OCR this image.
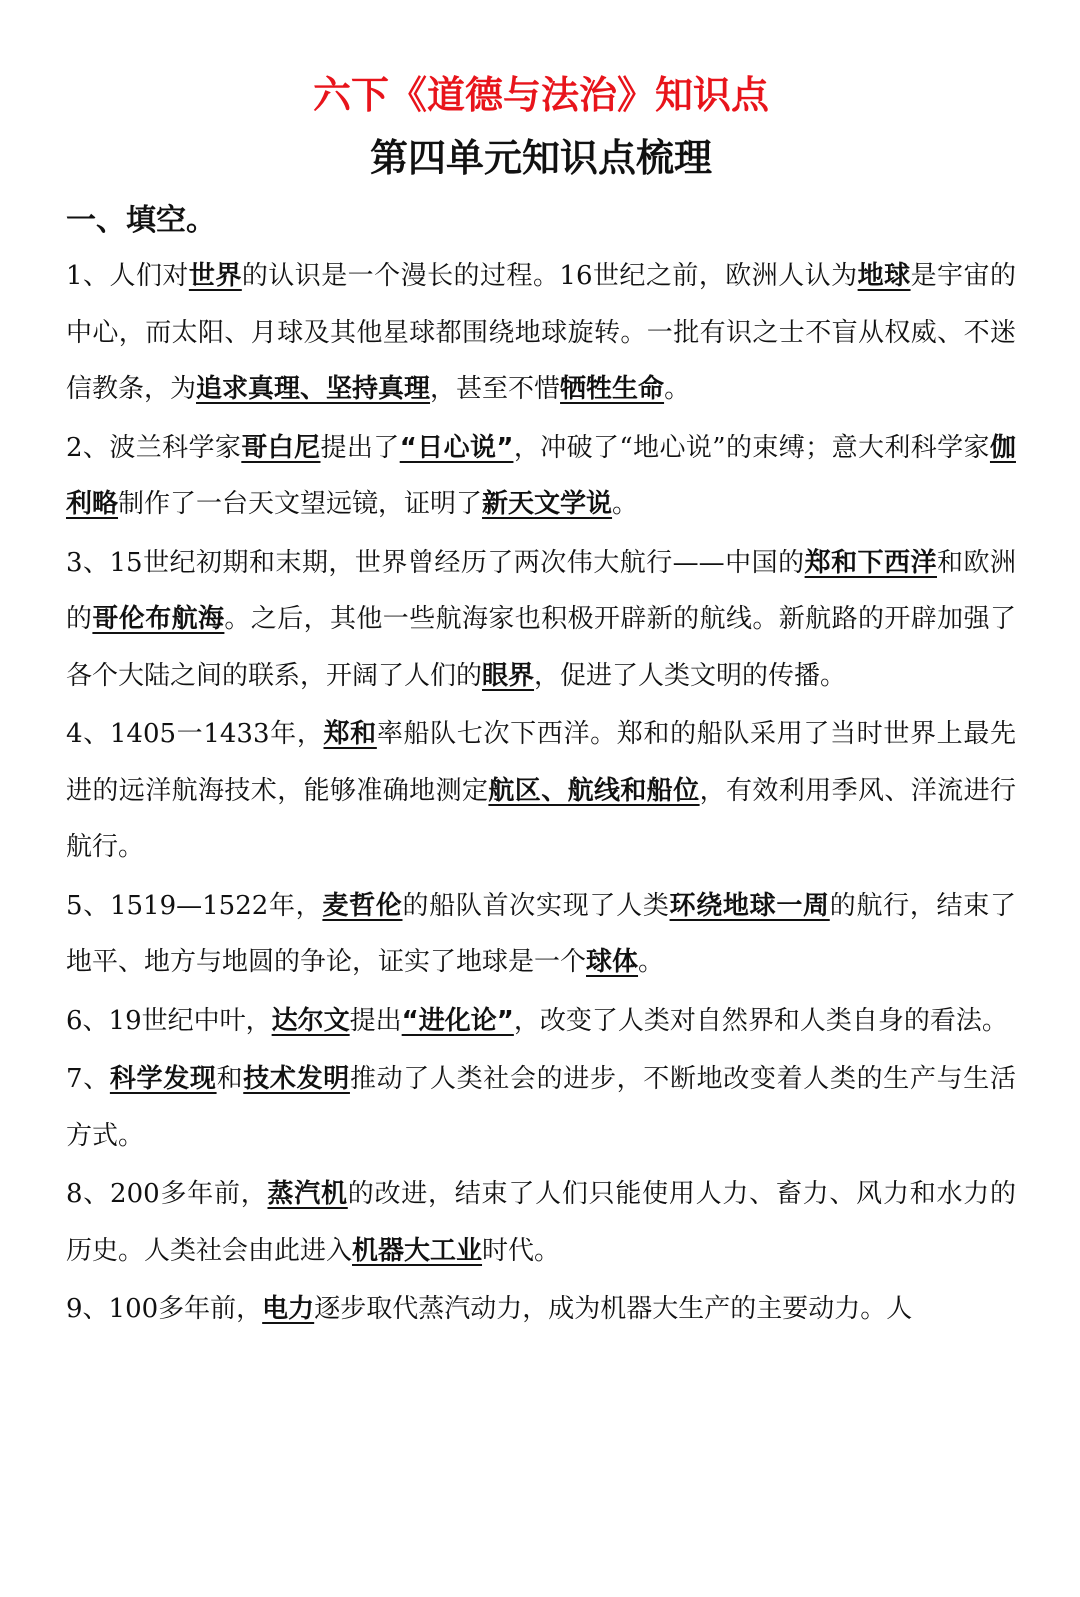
六下《道德与法治》知识点
第四单元知识点梳理
一、填空。

1、人们对世界的认识是一个漫长的过程。16世纪之前，欧洲人认为地球是宇宙的中心，而太阳、月球及其他星球都围绕地球旋转。一批有识之士不盲从权威、不迷信教条，为追求真理、坚持真理，甚至不惜牺牲生命。

2、波兰科学家哥白尼提出了“日心说”，冲破了“地心说”的束缚；意大利科学家伽利略制作了一台天文望远镜，证明了新天文学说。

3、15世纪初期和末期，世界曾经历了两次伟大航行——中国的郑和下西洋和欧洲的哥伦布航海。之后，其他一些航海家也积极开辟新的航线。新航路的开辟加强了各个大陆之间的联系，开阔了人们的眼界，促进了人类文明的传播。

4、1405一1433年，郑和率船队七次下西洋。郑和的船队采用了当时世界上最先进的远洋航海技术，能够准确地测定航区、航线和船位，有效利用季风、洋流进行航行。

5、1519—1522年，麦哲伦的船队首次实现了人类环绕地球一周的航行，结束了地平、地方与地圆的争论，证实了地球是一个球体。

6、19世纪中叶，达尔文提出“进化论”，改变了人类对自然界和人类自身的看法。

7、科学发现和技术发明推动了人类社会的进步，不断地改变着人类的生产与生活方式。

8、200多年前，蒸汽机的改进，结束了人们只能使用人力、畜力、风力和水力的历史。人类社会由此进入机器大工业时代。

9、100多年前，电力逐步取代蒸汽动力，成为机器大生产的主要动力。人
